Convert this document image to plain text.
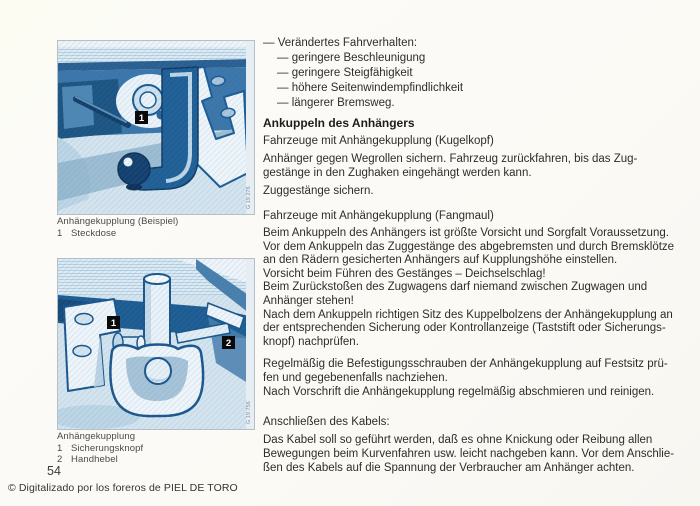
G 19 276
1
Anhängekupplung (Beispiel)
1 Steckdose
G 19 756
1
2
Anhängekupplung
1 Sicherungsknopf
2 Handhebel
— Verändertes Fahrverhalten:
— geringere Beschleunigung
— geringere Steigfähigkeit
— höhere Seitenwindempfindlichkeit
— längerer Bremsweg.
Ankuppeln des Anhängers
Fahrzeuge mit Anhängekupplung (Kugelkopf)
Anhänger gegen Wegrollen sichern. Fahrzeug zurückfahren, bis das Zug-
gestänge in den Zughaken eingehängt werden kann.
Zuggestänge sichern.
Fahrzeuge mit Anhängekupplung (Fangmaul)
Beim Ankuppeln des Anhängers ist größte Vorsicht und Sorgfalt Voraussetzung.
Vor dem Ankuppeln das Zuggestänge des abgebremsten und durch Bremsklötze
an den Rädern gesicherten Anhängers auf Kupplungshöhe einstellen.
Vorsicht beim Führen des Gestänges – Deichselschlag!
Beim Zurückstoßen des Zugwagens darf niemand zwischen Zugwagen und
Anhänger stehen!
Nach dem Ankuppeln richtigen Sitz des Kuppelbolzens der Anhängekupplung an
der entsprechenden Sicherung oder Kontrollanzeige (Taststift oder Sicherungs-
knopf) nachprüfen.
Regelmäßig die Befestigungsschrauben der Anhängekupplung auf Festsitz prü-
fen und gegebenenfalls nachziehen.
Nach Vorschrift die Anhängekupplung regelmäßig abschmieren und reinigen.
Anschließen des Kabels:
Das Kabel soll so geführt werden, daß es ohne Knickung oder Reibung allen
Bewegungen beim Kurvenfahren usw. leicht nachgeben kann. Vor dem Anschlie-
ßen des Kabels auf die Spannung der Verbraucher am Anhänger achten.
54
© Digitalizado por los foreros de PIEL DE TORO
